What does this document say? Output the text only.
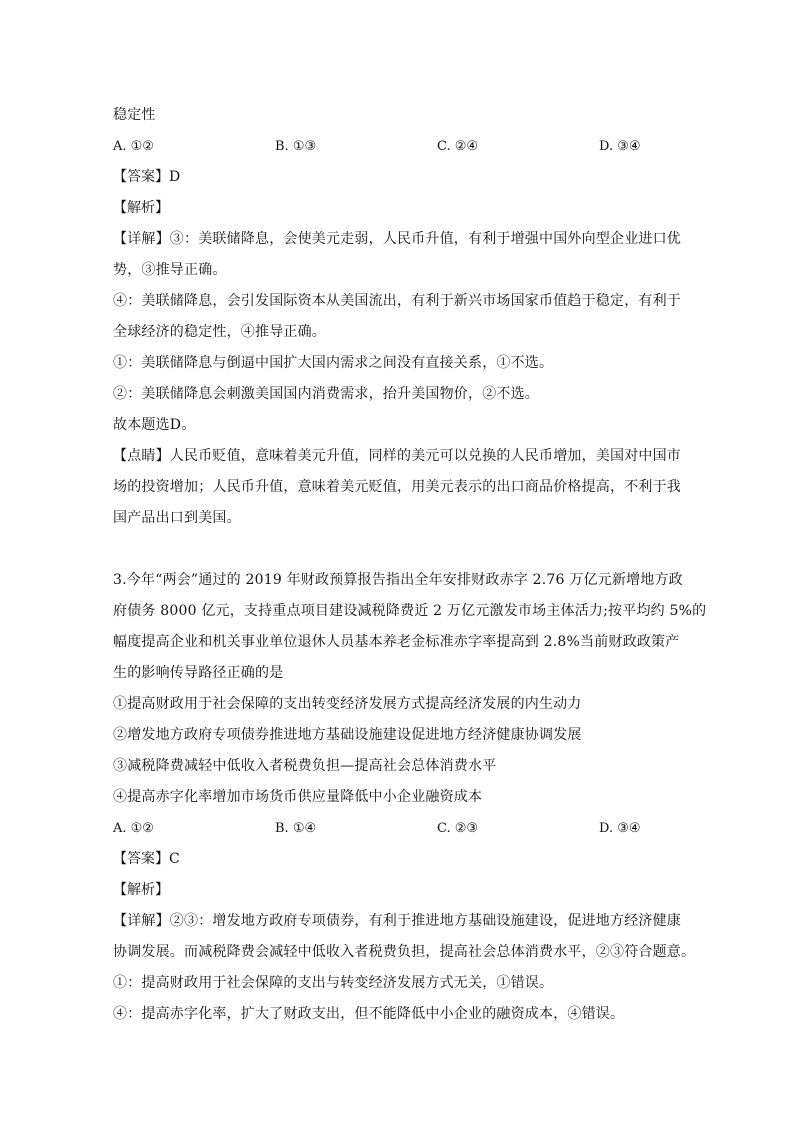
稳定性
A. ①②	B. ①③	C. ②④	D. ③④
【答案】D
【解析】
【详解】③：美联储降息，会使美元走弱，人民币升值，有利于增强中国外向型企业进口优
势，③推导正确。
④：美联储降息，会引发国际资本从美国流出，有利于新兴市场国家币值趋于稳定，有利于
全球经济的稳定性，④推导正确。
①：美联储降息与倒逼中国扩大国内需求之间没有直接关系，①不选。
②：美联储降息会刺激美国国内消费需求，抬升美国物价，②不选。
故本题选D。
【点睛】人民币贬值，意味着美元升值，同样的美元可以兑换的人民币增加，美国对中国市
场的投资增加；人民币升值，意味着美元贬值，用美元表示的出口商品价格提高，不利于我
国产品出口到美国。
3.今年“两会”通过的 2019 年财政预算报告指出全年安排财政赤字 2.76 万亿元新增地方政
府债务 8000 亿元，支持重点项目建设减税降费近 2 万亿元激发市场主体活力;按平均约 5%的
幅度提高企业和机关事业单位退休人员基本养老金标准赤字率提高到 2.8%当前财政政策产
生的影响传导路径正确的是
①提高财政用于社会保障的支出转变经济发展方式提高经济发展的内生动力
②增发地方政府专项债券推进地方基础设施建设促进地方经济健康协调发展
③减税降费减轻中低收入者税费负担—提高社会总体消费水平
④提高赤字化率增加市场货币供应量降低中小企业融资成本
A. ①②	B. ①④	C. ②③	D. ③④
【答案】C
【解析】
【详解】②③：增发地方政府专项债券，有利于推进地方基础设施建设，促进地方经济健康
协调发展。而减税降费会减轻中低收入者税费负担，提高社会总体消费水平，②③符合题意。
①：提高财政用于社会保障的支出与转变经济发展方式无关，①错误。
④：提高赤字化率，扩大了财政支出，但不能降低中小企业的融资成本，④错误。
